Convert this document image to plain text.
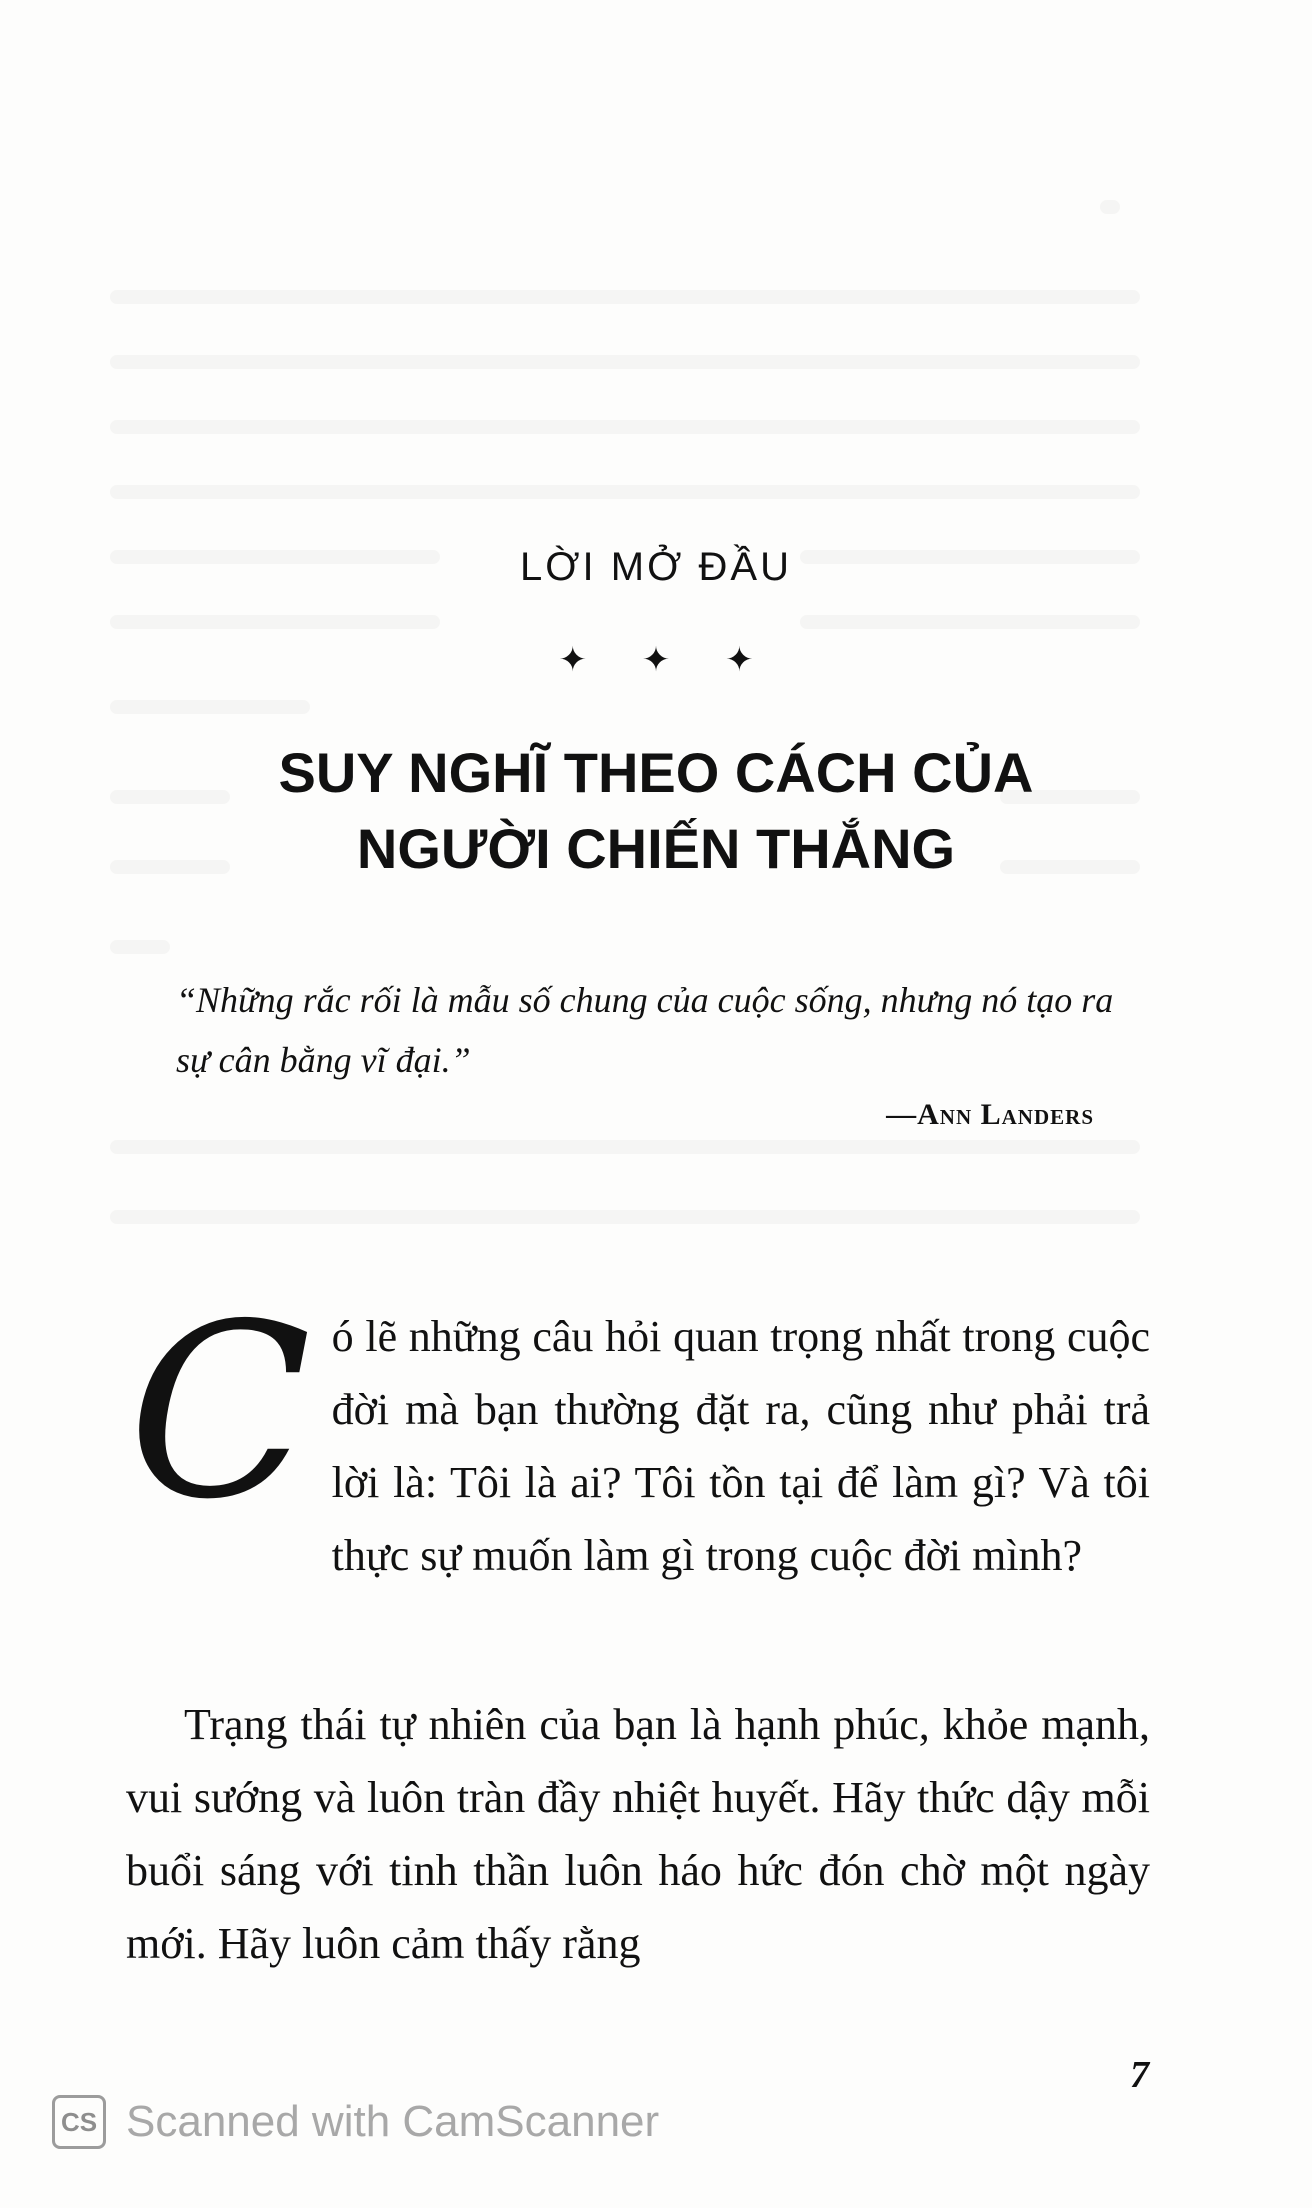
LỜI MỞ ĐẦU
✦ ✦ ✦
SUY NGHĨ THEO CÁCH CỦA
NGƯỜI CHIẾN THẮNG
“Những rắc rối là mẫu số chung của cuộc sống, nhưng nó tạo ra sự cân bằng vĩ đại.”
—Ann Landers
Có lẽ những câu hỏi quan trọng nhất trong cuộc đời mà bạn thường đặt ra, cũng như phải trả lời là: Tôi là ai? Tôi tồn tại để làm gì? Và tôi thực sự muốn làm gì trong cuộc đời mình?
Trạng thái tự nhiên của bạn là hạnh phúc, khỏe mạnh, vui sướng và luôn tràn đầy nhiệt huyết. Hãy thức dậy mỗi buổi sáng với tinh thần luôn háo hức đón chờ một ngày mới. Hãy luôn cảm thấy rằng
7
CS Scanned with CamScanner
